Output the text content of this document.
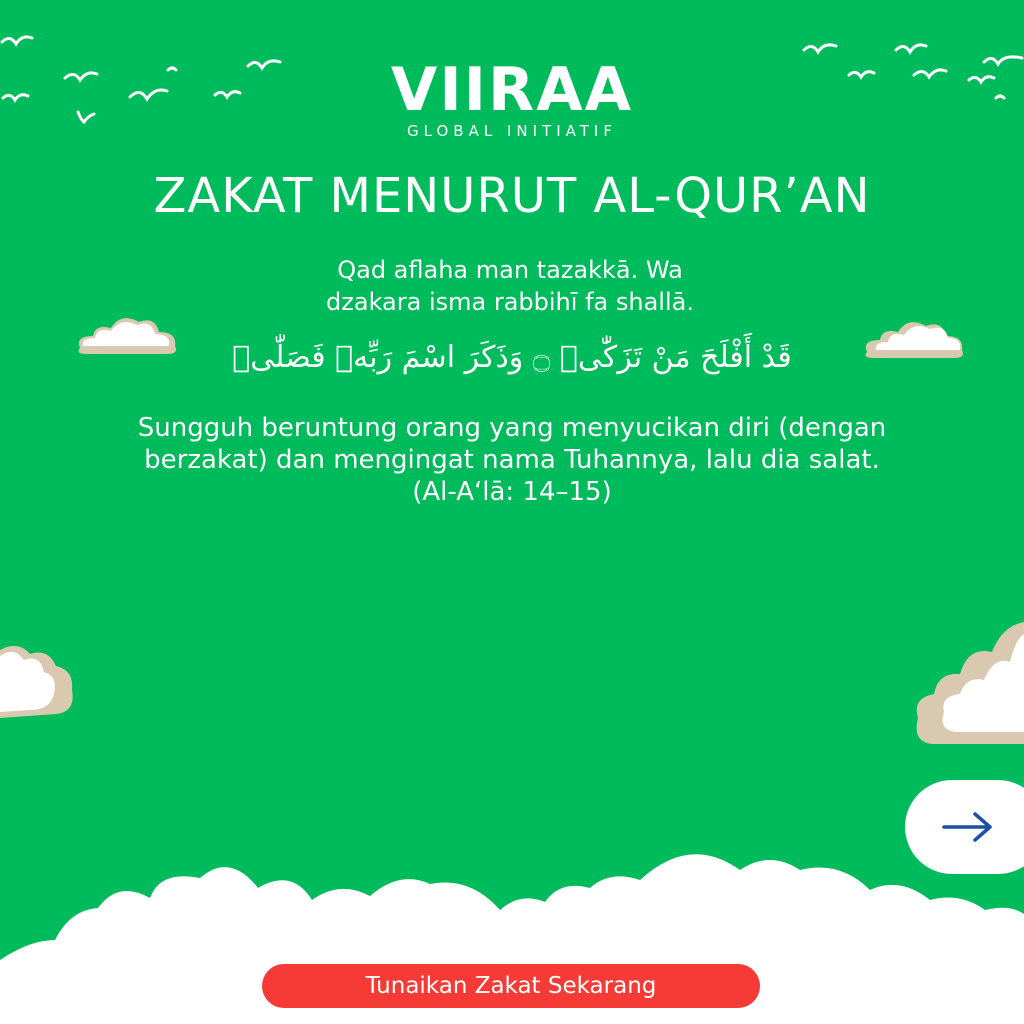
VIIRAA
GLOBAL INITIATIF
ZAKAT MENURUT AL-QUR’AN
Qad aflaha man tazakkā. Wa
dzakara isma rabbihī fa shallā.
قَدْ أَفْلَحَ مَنْ تَزَكّٰىۙ ۝ وَذَكَرَ اسْمَ رَبِّهٖ فَصَلّٰىۗ
Sungguh beruntung orang yang menyucikan diri (dengan
berzakat) dan mengingat nama Tuhannya, lalu dia salat.
(Al-A‘lā: 14–15)
Tunaikan Zakat Sekarang
